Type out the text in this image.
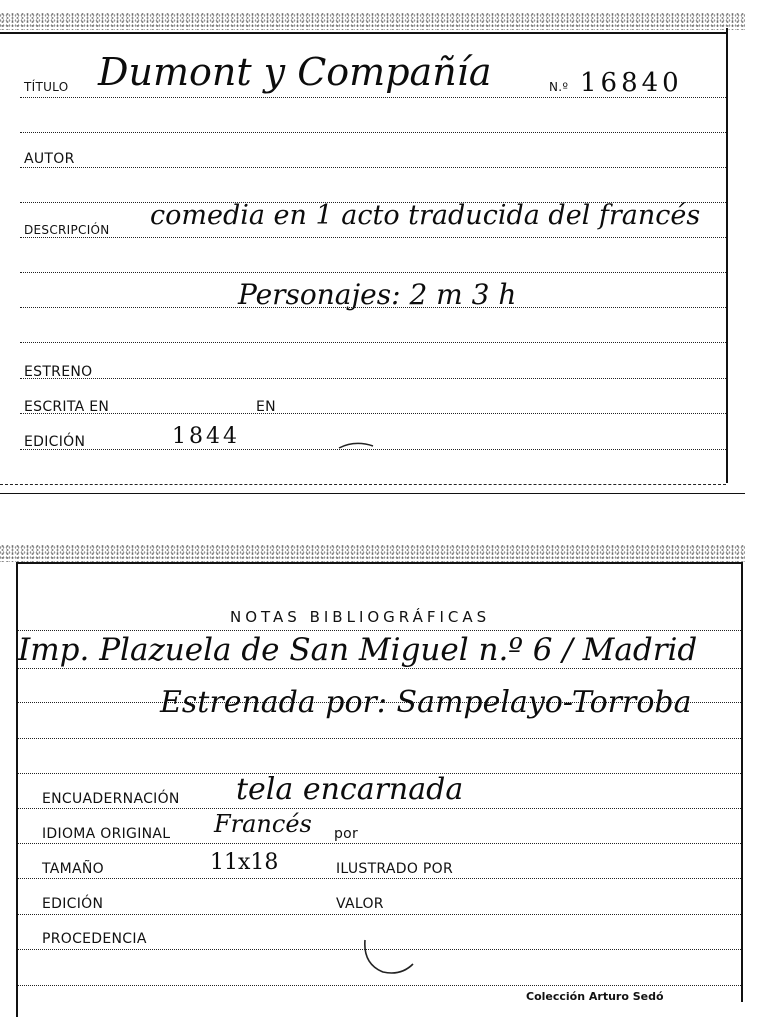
TÍTULO Dumont y Compañía	N.º 16840
AUTOR
DESCRIPCIÓN comedia en 1 acto traducida del francés
Personajes: 2 m 3 h
ESTRENO
ESCRITA EN	EN
EDICIÓN	1844
NOTAS BIBLIOGRÁFICAS
Imp. Plazuela de San Miguel n.º 6 / Madrid
Estrenada por: Sampelayo-Torroba
ENCUADERNACIÓN tela encarnada
IDIOMA ORIGINAL Francés por
TAMAÑO	11x18	ILUSTRADO POR
EDICIÓN	VALOR
PROCEDENCIA
Colección Arturo Sedó
